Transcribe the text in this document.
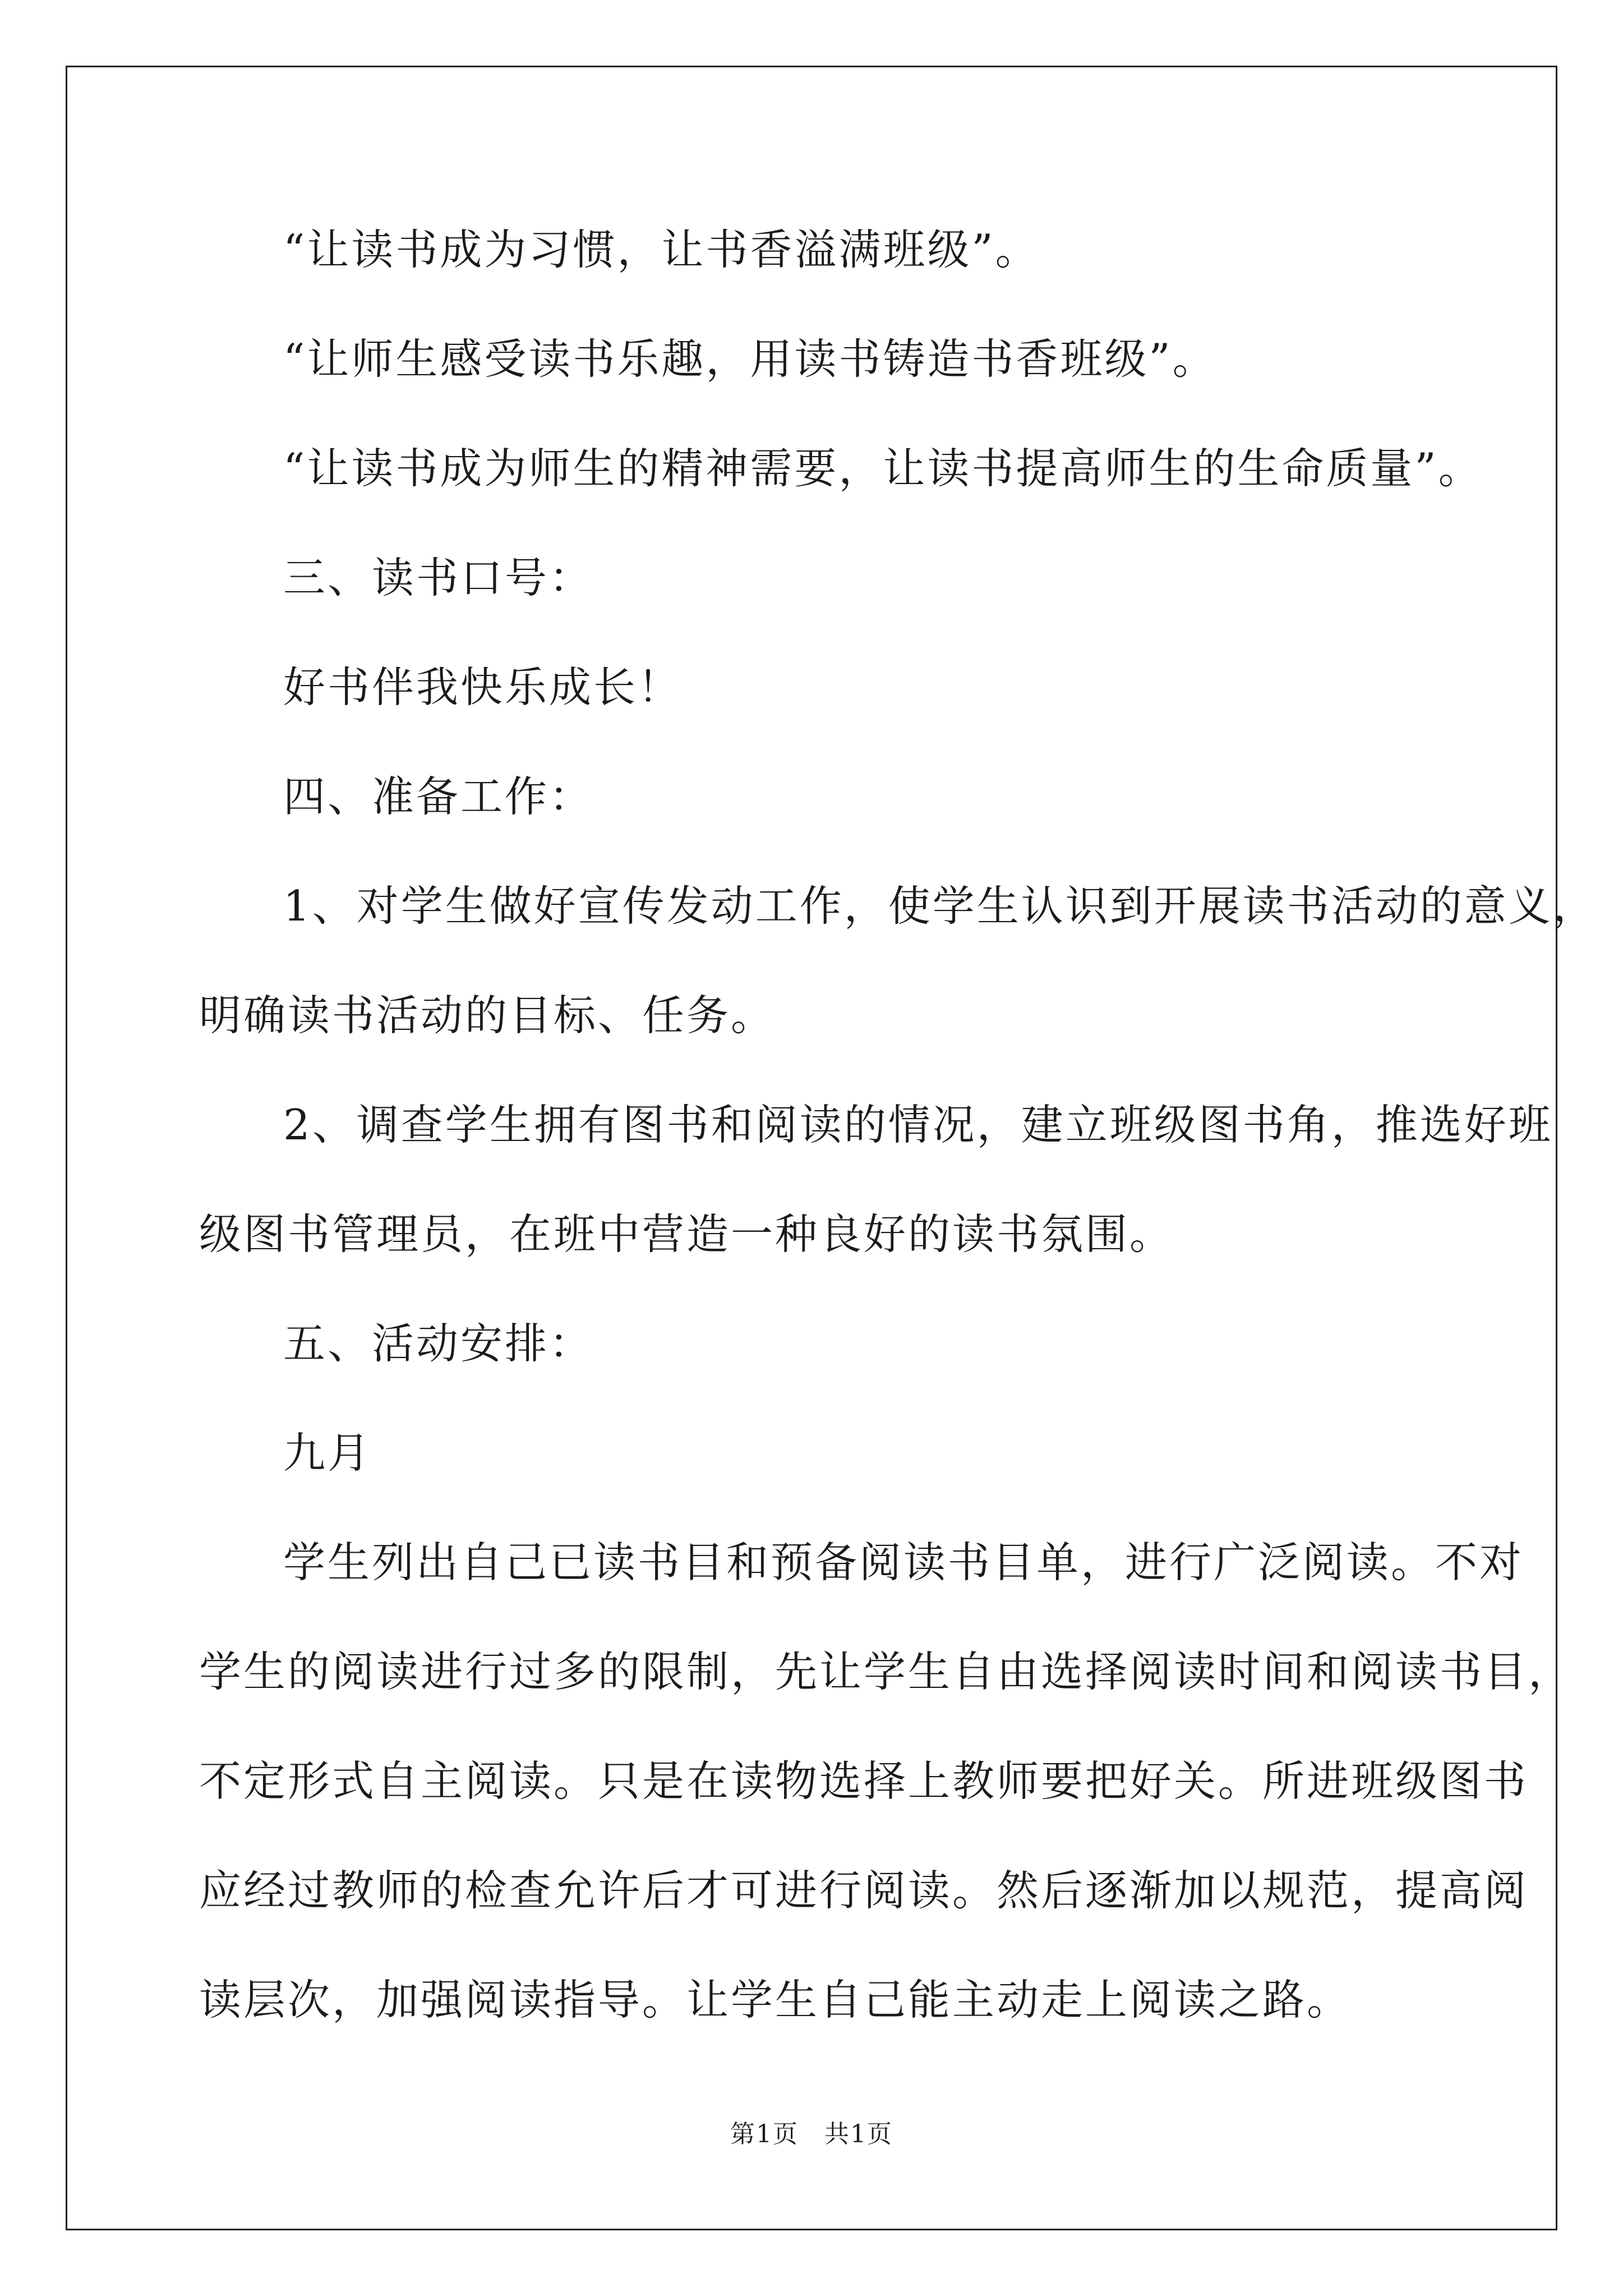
“让读书成为习惯，让书香溢满班级”。
“让师生感受读书乐趣，用读书铸造书香班级”。
“让读书成为师生的精神需要，让读书提高师生的生命质量”。
三、读书口号：
好书伴我快乐成长！
四、准备工作：
1、对学生做好宣传发动工作，使学生认识到开展读书活动的意义，
明确读书活动的目标、任务。
2、调查学生拥有图书和阅读的情况，建立班级图书角，推选好班
级图书管理员，在班中营造一种良好的读书氛围。
五、活动安排：
九月
学生列出自己已读书目和预备阅读书目单，进行广泛阅读。不对
学生的阅读进行过多的限制，先让学生自由选择阅读时间和阅读书目，
不定形式自主阅读。只是在读物选择上教师要把好关。所进班级图书
应经过教师的检查允许后才可进行阅读。然后逐渐加以规范，提高阅
读层次，加强阅读指导。让学生自己能主动走上阅读之路。
第1页　共1页
